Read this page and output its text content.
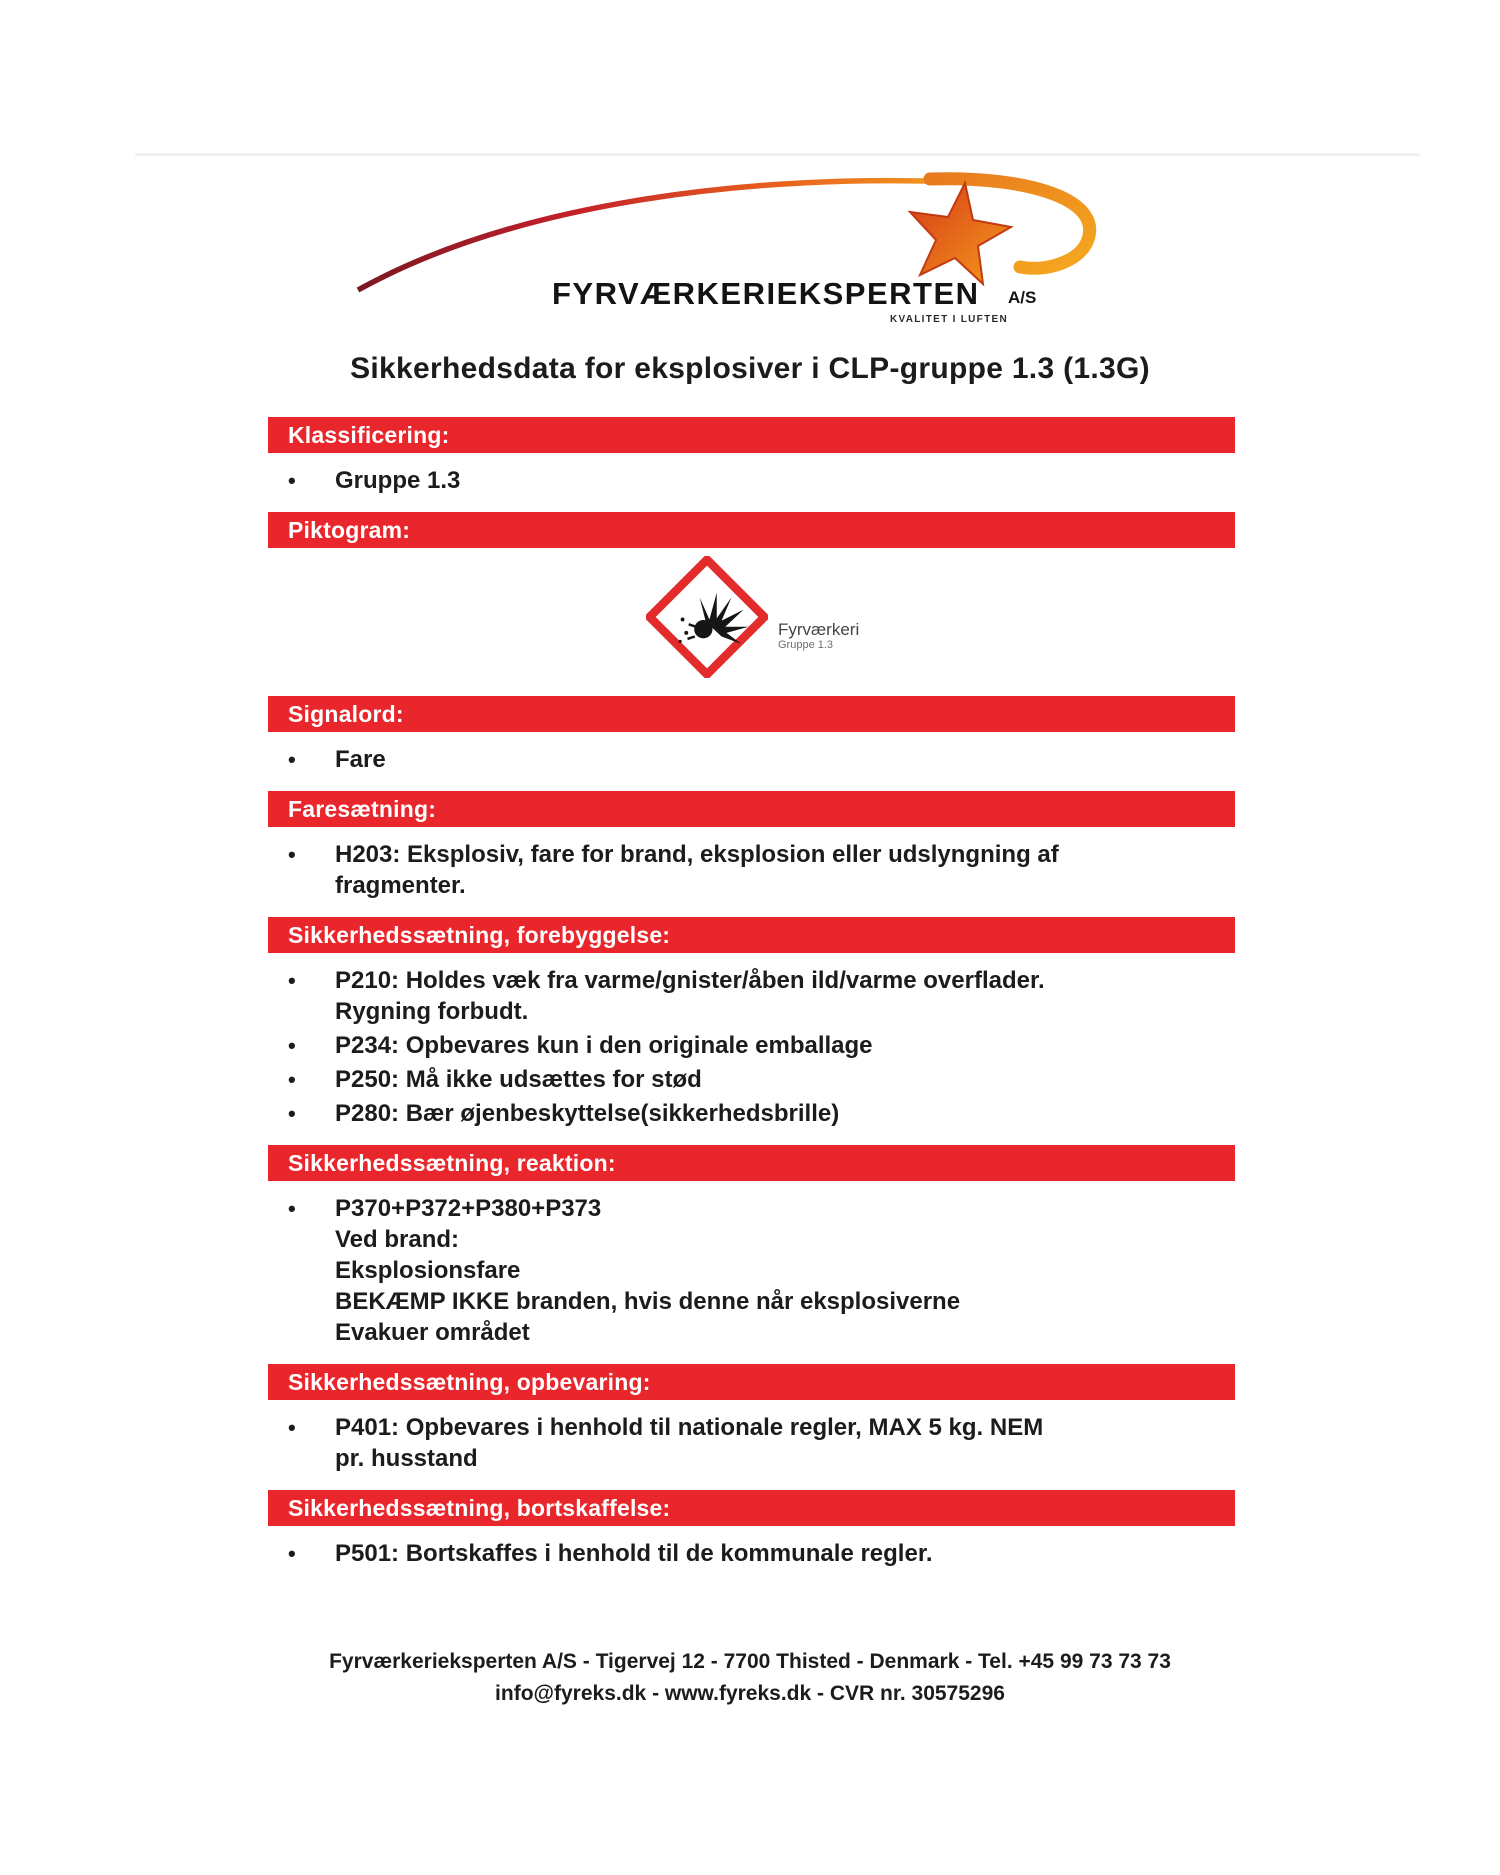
FYRVÆRKERIEKSPERTEN A/S
KVALITET I LUFTEN
Sikkerhedsdata for eksplosiver i CLP-gruppe 1.3 (1.3G)
Klassificering:
•	Gruppe 1.3
Piktogram:
Fyrværkeri
Gruppe 1.3
Signalord:
•	Fare
Faresætning:
•	H203: Eksplosiv, fare for brand, eksplosion eller udslyngning af
fragmenter.
Sikkerhedssætning, forebyggelse:
•	P210: Holdes væk fra varme/gnister/åben ild/varme overflader.
Rygning forbudt.
•	P234: Opbevares kun i den originale emballage
•	P250: Må ikke udsættes for stød
•	P280: Bær øjenbeskyttelse(sikkerhedsbrille)
Sikkerhedssætning, reaktion:
•	P370+P372+P380+P373
Ved brand:
Eksplosionsfare
BEKÆMP IKKE branden, hvis denne når eksplosiverne
Evakuer området
Sikkerhedssætning, opbevaring:
•	P401: Opbevares i henhold til nationale regler, MAX 5 kg. NEM
pr. husstand
Sikkerhedssætning, bortskaffelse:
•	P501: Bortskaffes i henhold til de kommunale regler.
Fyrværkerieksperten A/S - Tigervej 12 - 7700 Thisted - Denmark - Tel. +45 99 73 73 73
info@fyreks.dk - www.fyreks.dk - CVR nr. 30575296
